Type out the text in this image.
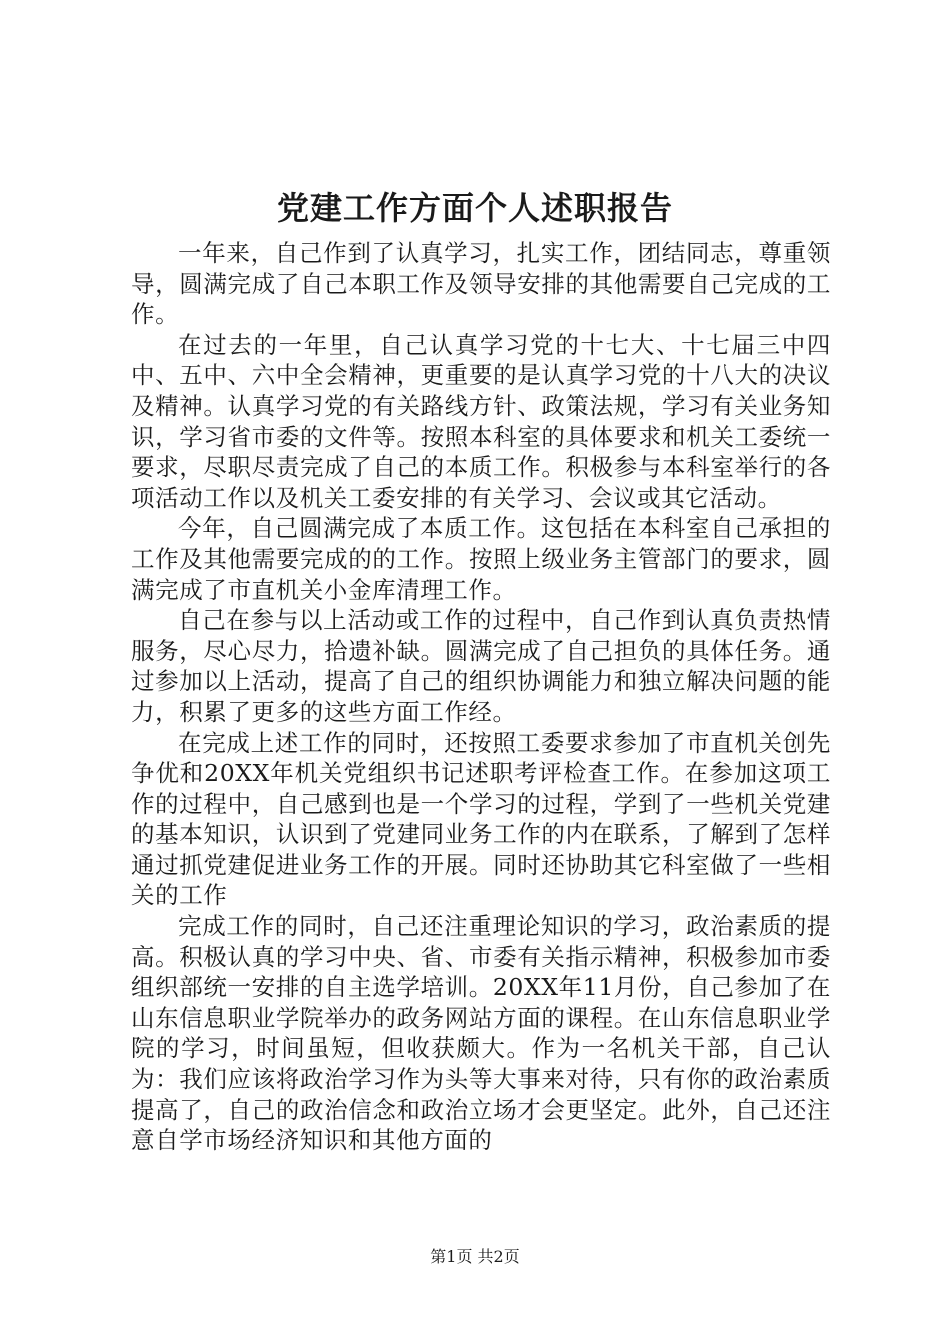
党建工作方面个人述职报告

一年来，自己作到了认真学习，扎实工作，团结同志，尊重领导，圆满完成了自己本职工作及领导安排的其他需要自己完成的工作。

在过去的一年里，自己认真学习党的十七大、十七届三中四中、五中、六中全会精神，更重要的是认真学习党的十八大的决议及精神。认真学习党的有关路线方针、政策法规，学习有关业务知识，学习省市委的文件等。按照本科室的具体要求和机关工委统一要求，尽职尽责完成了自己的本质工作。积极参与本科室举行的各项活动工作以及机关工委安排的有关学习、会议或其它活动。

今年，自己圆满完成了本质工作。这包括在本科室自己承担的工作及其他需要完成的的工作。按照上级业务主管部门的要求，圆满完成了市直机关小金库清理工作。

自己在参与以上活动或工作的过程中，自己作到认真负责热情服务，尽心尽力，拾遗补缺。圆满完成了自己担负的具体任务。通过参加以上活动，提高了自己的组织协调能力和独立解决问题的能力，积累了更多的这些方面工作经。

在完成上述工作的同时，还按照工委要求参加了市直机关创先争优和20XX年机关党组织书记述职考评检查工作。在参加这项工作的过程中，自己感到也是一个学习的过程，学到了一些机关党建的基本知识，认识到了党建同业务工作的内在联系，了解到了怎样通过抓党建促进业务工作的开展。同时还协助其它科室做了一些相关的工作

完成工作的同时，自己还注重理论知识的学习，政治素质的提高。积极认真的学习中央、省、市委有关指示精神，积极参加市委组织部统一安排的自主选学培训。20XX年11月份，自己参加了在山东信息职业学院举办的政务网站方面的课程。在山东信息职业学院的学习，时间虽短，但收获颇大。作为一名机关干部，自己认为：我们应该将政治学习作为头等大事来对待，只有你的政治素质提高了，自己的政治信念和政治立场才会更坚定。此外，自己还注意自学市场经济知识和其他方面的

第1页 共2页
